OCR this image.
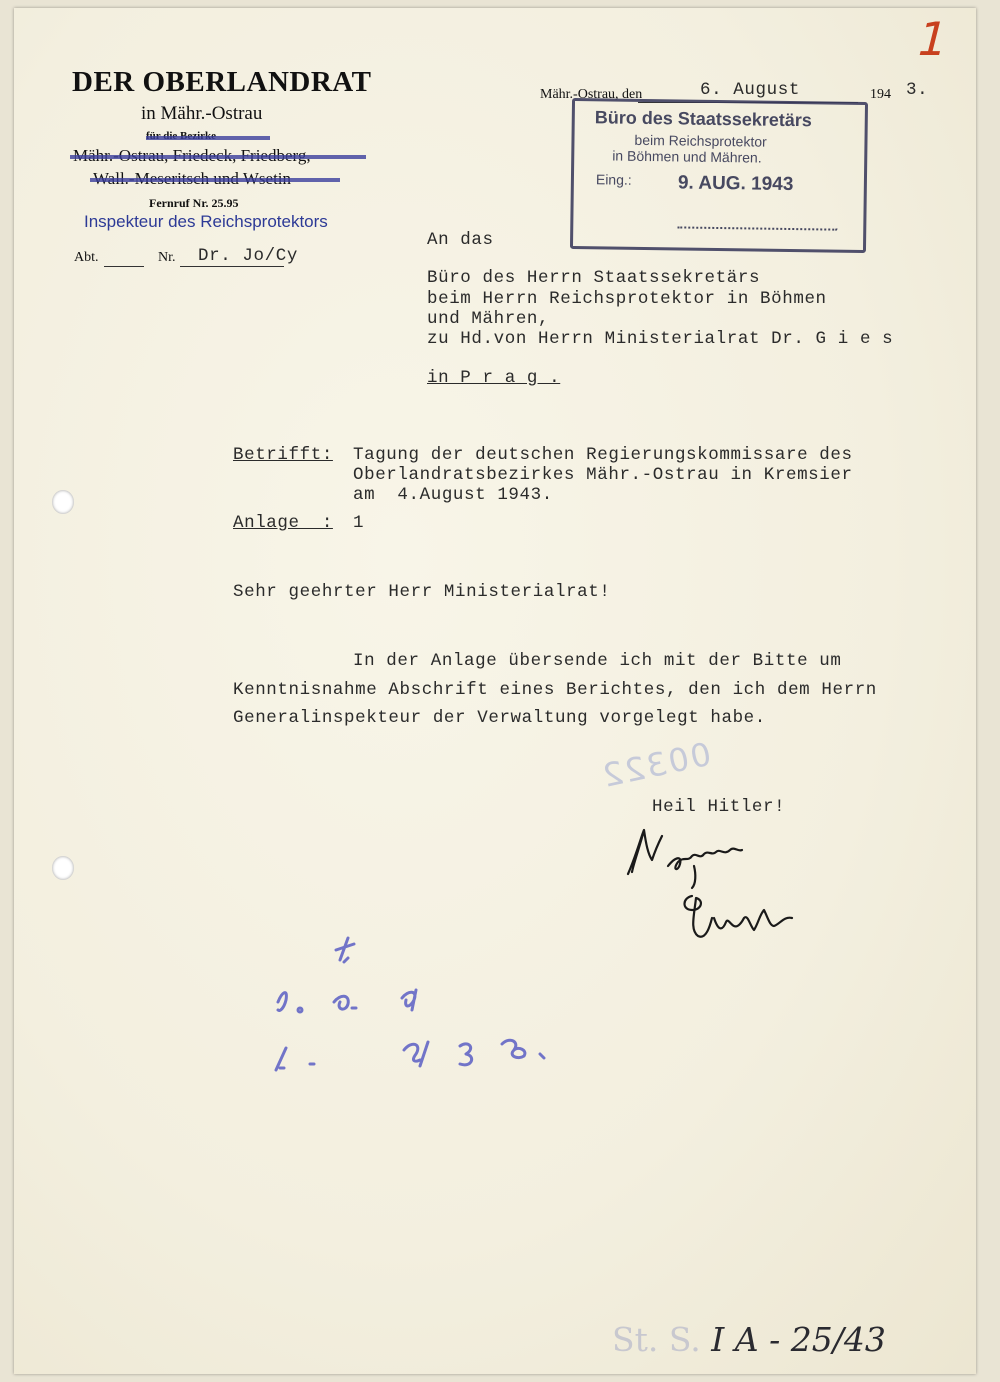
1
DER OBERLANDRAT
in Mähr.-Ostrau
Fernruf Nr. 25.95
Inspekteur des Reichsprotektors
Abt.	Nr. Dr. Jo/Cy
Mähr.-Ostrau, den	6. August	194 3.
Büro des Staatssekretärs
beim Reichsprotektor
in Böhmen und Mähren.
Eing.: 9. AUG. 1943
An das
Büro des Herrn Staatssekretärs
beim Herrn Reichsprotektor in Böhmen
und Mähren,
zu Hd.von Herrn Ministerialrat Dr. G i e s
in P r a g .
Betrifft: Tagung der deutschen Regierungskommissare des
Oberlandratsbezirkes Mähr.-Ostrau in Kremsier
am  4.August 1943.
Anlage  : 1
Sehr geehrter Herr Ministerialrat!
In der Anlage übersende ich mit der Bitte um
Kenntnisnahme Abschrift eines Berichtes, den ich dem Herrn
Generalinspekteur der Verwaltung vorgelegt habe.
00322
Heil Hitler!
St. S. I A - 25/43
